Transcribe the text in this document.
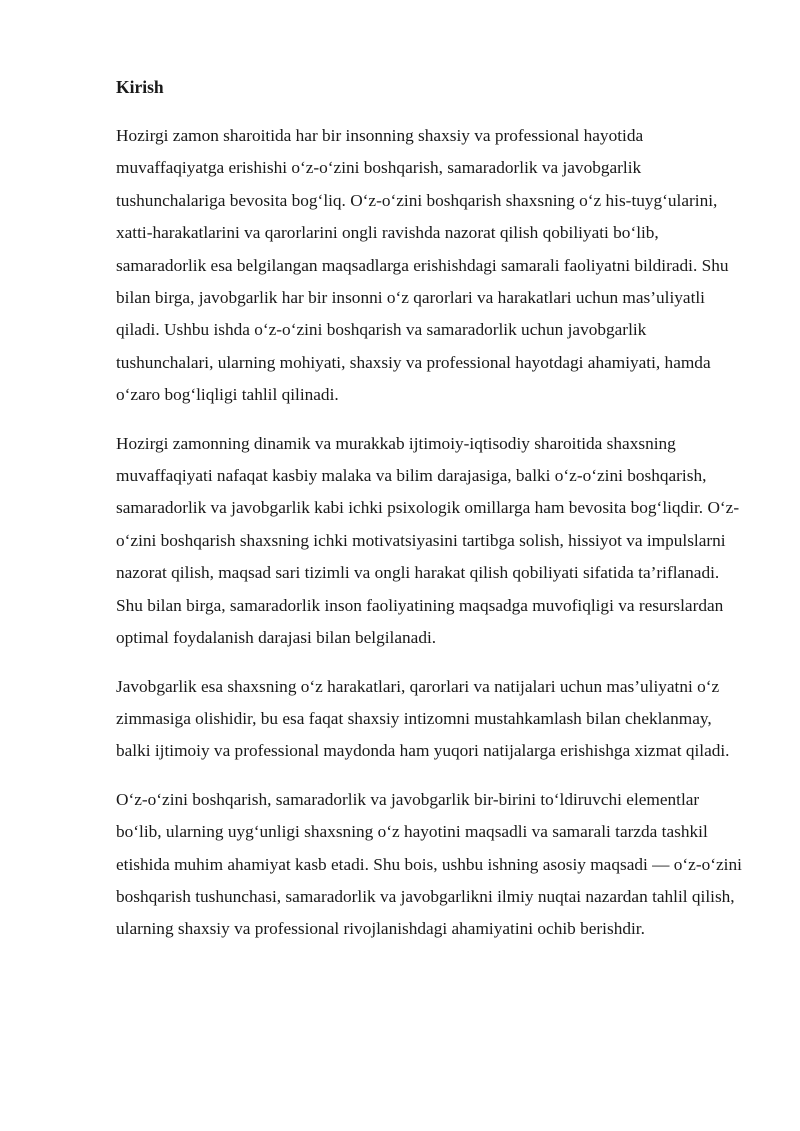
Kirish

Hozirgi zamon sharoitida har bir insonning shaxsiy va professional hayotida muvaffaqiyatga erishishi o‘z-o‘zini boshqarish, samaradorlik va javobgarlik tushunchalariga bevosita bog‘liq. O‘z-o‘zini boshqarish shaxsning o‘z his-tuyg‘ularini, xatti-harakatlarini va qarorlarini ongli ravishda nazorat qilish qobiliyati bo‘lib, samaradorlik esa belgilangan maqsadlarga erishishdagi samarali faoliyatni bildiradi. Shu bilan birga, javobgarlik har bir insonni o‘z qarorlari va harakatlari uchun mas’uliyatli qiladi. Ushbu ishda o‘z-o‘zini boshqarish va samaradorlik uchun javobgarlik tushunchalari, ularning mohiyati, shaxsiy va professional hayotdagi ahamiyati, hamda o‘zaro bog‘liqligi tahlil qilinadi.

Hozirgi zamonning dinamik va murakkab ijtimoiy-iqtisodiy sharoitida shaxsning muvaffaqiyati nafaqat kasbiy malaka va bilim darajasiga, balki o‘z-o‘zini boshqarish, samaradorlik va javobgarlik kabi ichki psixologik omillarga ham bevosita bog‘liqdir. O‘z-o‘zini boshqarish shaxsning ichki motivatsiyasini tartibga solish, hissiyot va impulslarni nazorat qilish, maqsad sari tizimli va ongli harakat qilish qobiliyati sifatida ta’riflanadi. Shu bilan birga, samaradorlik inson faoliyatining maqsadga muvofiqligi va resurslardan optimal foydalanish darajasi bilan belgilanadi.

Javobgarlik esa shaxsning o‘z harakatlari, qarorlari va natijalari uchun mas’uliyatni o‘z zimmasiga olishidir, bu esa faqat shaxsiy intizomni mustahkamlash bilan cheklanmay, balki ijtimoiy va professional maydonda ham yuqori natijalarga erishishga xizmat qiladi.

O‘z-o‘zini boshqarish, samaradorlik va javobgarlik bir-birini to‘ldiruvchi elementlar bo‘lib, ularning uyg‘unligi shaxsning o‘z hayotini maqsadli va samarali tarzda tashkil etishida muhim ahamiyat kasb etadi. Shu bois, ushbu ishning asosiy maqsadi — o‘z-o‘zini boshqarish tushunchasi, samaradorlik va javobgarlikni ilmiy nuqtai nazardan tahlil qilish, ularning shaxsiy va professional rivojlanishdagi ahamiyatini ochib berishdir.
